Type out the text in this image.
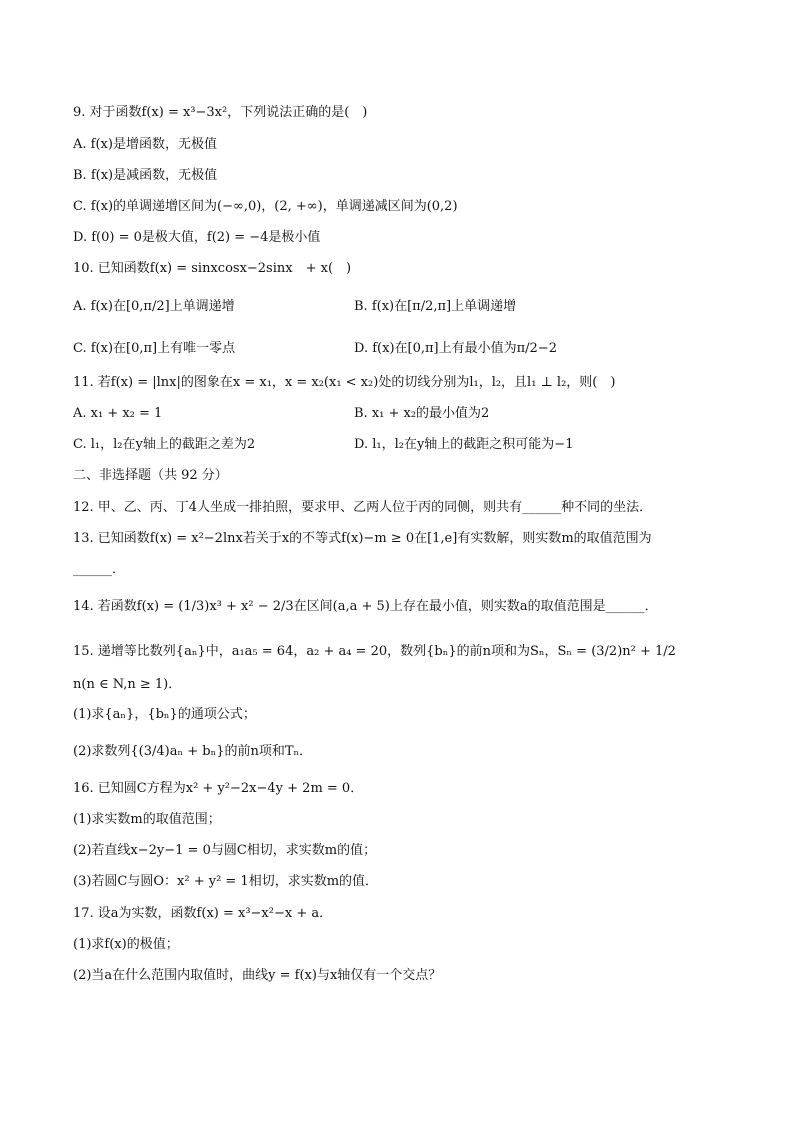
9. 对于函数f(x) = x³−3x²，下列说法正确的是(　)
A. f(x)是增函数，无极值
B. f(x)是减函数，无极值
C. f(x)的单调递增区间为(−∞,0)，(2, +∞)，单调递减区间为(0,2)
D. f(0) = 0是极大值，f(2) = −4是极小值
10. 已知函数f(x) = sinxcosx−2sinx　+ x(　)
A. f(x)在[0,π/2]上单调递增	B. f(x)在[π/2,π]上单调递增
C. f(x)在[0,π]上有唯一零点	D. f(x)在[0,π]上有最小值为π/2−2
11. 若f(x) = |lnx|的图象在x = x₁，x = x₂(x₁ < x₂)处的切线分别为l₁，l₂，且l₁ ⊥ l₂，则(　)
A. x₁ + x₂ = 1	B. x₁ + x₂的最小值为2
C. l₁，l₂在y轴上的截距之差为2	D. l₁，l₂在y轴上的截距之积可能为−1
二、非选择题（共 92 分）
12. 甲、乙、丙、丁4人坐成一排拍照，要求甲、乙两人位于丙的同侧，则共有______种不同的坐法．
13. 已知函数f(x) = x²−2lnx若关于x的不等式f(x)−m ≥ 0在[1,e]有实数解，则实数m的取值范围为
______．
14. 若函数f(x) = (1/3)x³ + x² − 2/3在区间(a,a + 5)上存在最小值，则实数a的取值范围是______．
15. 递增等比数列{aₙ}中，a₁a₅ = 64，a₂ + a₄ = 20，数列{bₙ}的前n项和为Sₙ，Sₙ = (3/2)n² + 1/2
n(n ∈ N,n ≥ 1)．
(1)求{aₙ}，{bₙ}的通项公式；
(2)求数列{(3/4)aₙ + bₙ}的前n项和Tₙ．
16. 已知圆C方程为x² + y²−2x−4y + 2m = 0．
(1)求实数m的取值范围；
(2)若直线x−2y−1 = 0与圆C相切，求实数m的值；
(3)若圆C与圆O：x² + y² = 1相切，求实数m的值．
17. 设a为实数，函数f(x) = x³−x²−x + a．
(1)求f(x)的极值；
(2)当a在什么范围内取值时，曲线y = f(x)与x轴仅有一个交点？
